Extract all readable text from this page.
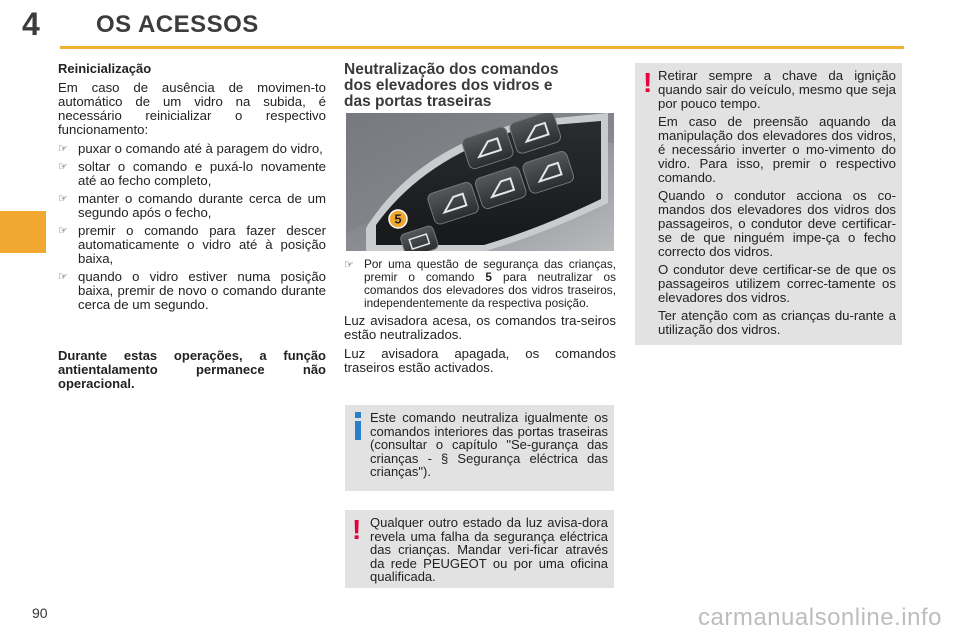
4 OS ACESSOS
Reinicialização
Em caso de ausência de movimen-to automático de um vidro na subida, é necessário reinicializar o respectivo funcionamento:
☞ puxar o comando até à paragem do vidro,
☞ soltar o comando e puxá-lo novamente até ao fecho completo,
☞ manter o comando durante cerca de um segundo após o fecho,
☞ premir o comando para fazer descer automaticamente o vidro até à posição baixa,
☞ quando o vidro estiver numa posição baixa, premir de novo o comando durante cerca de um segundo.
Durante estas operações, a função antientalamento permanece não operacional.
Neutralização dos comandos
dos elevadores dos vidros e
das portas traseiras
5
☞ Por uma questão de segurança das crianças, premir o comando 5 para neutralizar os comandos dos elevadores dos vidros traseiros, independentemente da respectiva posição.
Luz avisadora acesa, os comandos tra-seiros estão neutralizados.
Luz avisadora apagada, os comandos traseiros estão activados.
Este comando neutraliza igualmente os comandos interiores das portas traseiras (consultar o capítulo "Se-gurança das crianças - § Segurança eléctrica das crianças").
! Qualquer outro estado da luz avisa-dora revela uma falha da segurança eléctrica das crianças. Mandar veri-ficar através da rede PEUGEOT ou por uma oficina qualificada.
! Retirar sempre a chave da ignição quando sair do veículo, mesmo que seja por pouco tempo.

Em caso de preensão aquando da manipulação dos elevadores dos vidros, é necessário inverter o mo-vimento do vidro. Para isso, premir o respectivo comando.

Quando o condutor acciona os co-mandos dos elevadores dos vidros dos passageiros, o condutor deve certificar-se de que ninguém impe-ça o fecho correcto dos vidros.

O condutor deve certificar-se de que os passageiros utilizem correc-tamente os elevadores dos vidros.

Ter atenção com as crianças du-rante a utilização dos vidros.

90	carmanualsonline.info
